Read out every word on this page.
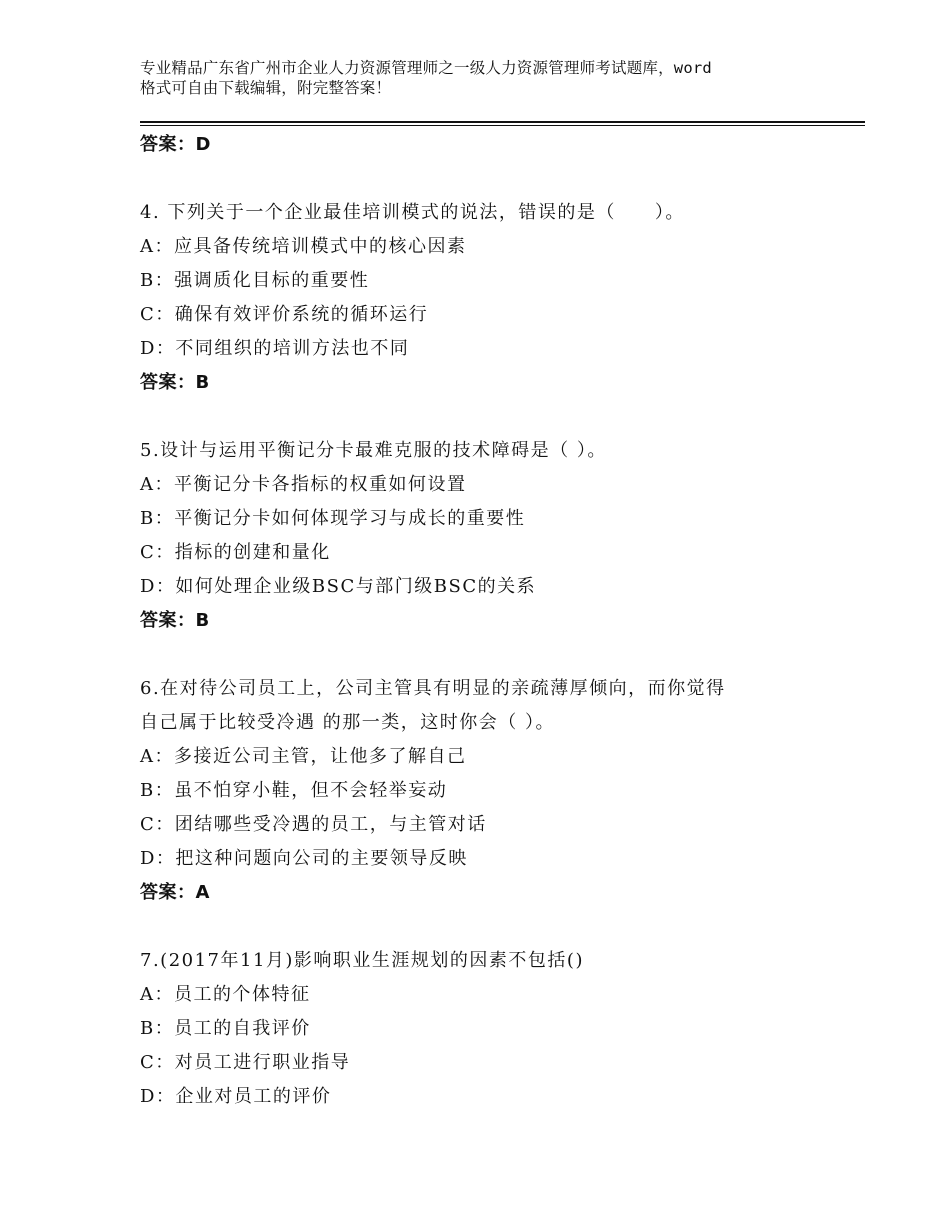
专业精品广东省广州市企业人力资源管理师之一级人力资源管理师考试题库，word
格式可自由下载编辑，附完整答案！
答案：D
4. 下列关于一个企业最佳培训模式的说法，错误的是（　　）。
A：应具备传统培训模式中的核心因素
B：强调质化目标的重要性
C：确保有效评价系统的循环运行
D：不同组织的培训方法也不同
答案：B
5.设计与运用平衡记分卡最难克服的技术障碍是（ ）。
A：平衡记分卡各指标的权重如何设置
B：平衡记分卡如何体现学习与成长的重要性
C：指标的创建和量化
D：如何处理企业级BSC与部门级BSC的关系
答案：B
6.在对待公司员工上，公司主管具有明显的亲疏薄厚倾向，而你觉得
自己属于比较受冷遇 的那一类，这时你会（ ）。
A：多接近公司主管，让他多了解自己
B：虽不怕穿小鞋，但不会轻举妄动
C：团结哪些受冷遇的员工，与主管对话
D：把这种问题向公司的主要领导反映
答案：A
7.(2017年11月)影响职业生涯规划的因素不包括()
A：员工的个体特征
B：员工的自我评价
C：对员工进行职业指导
D：企业对员工的评价
